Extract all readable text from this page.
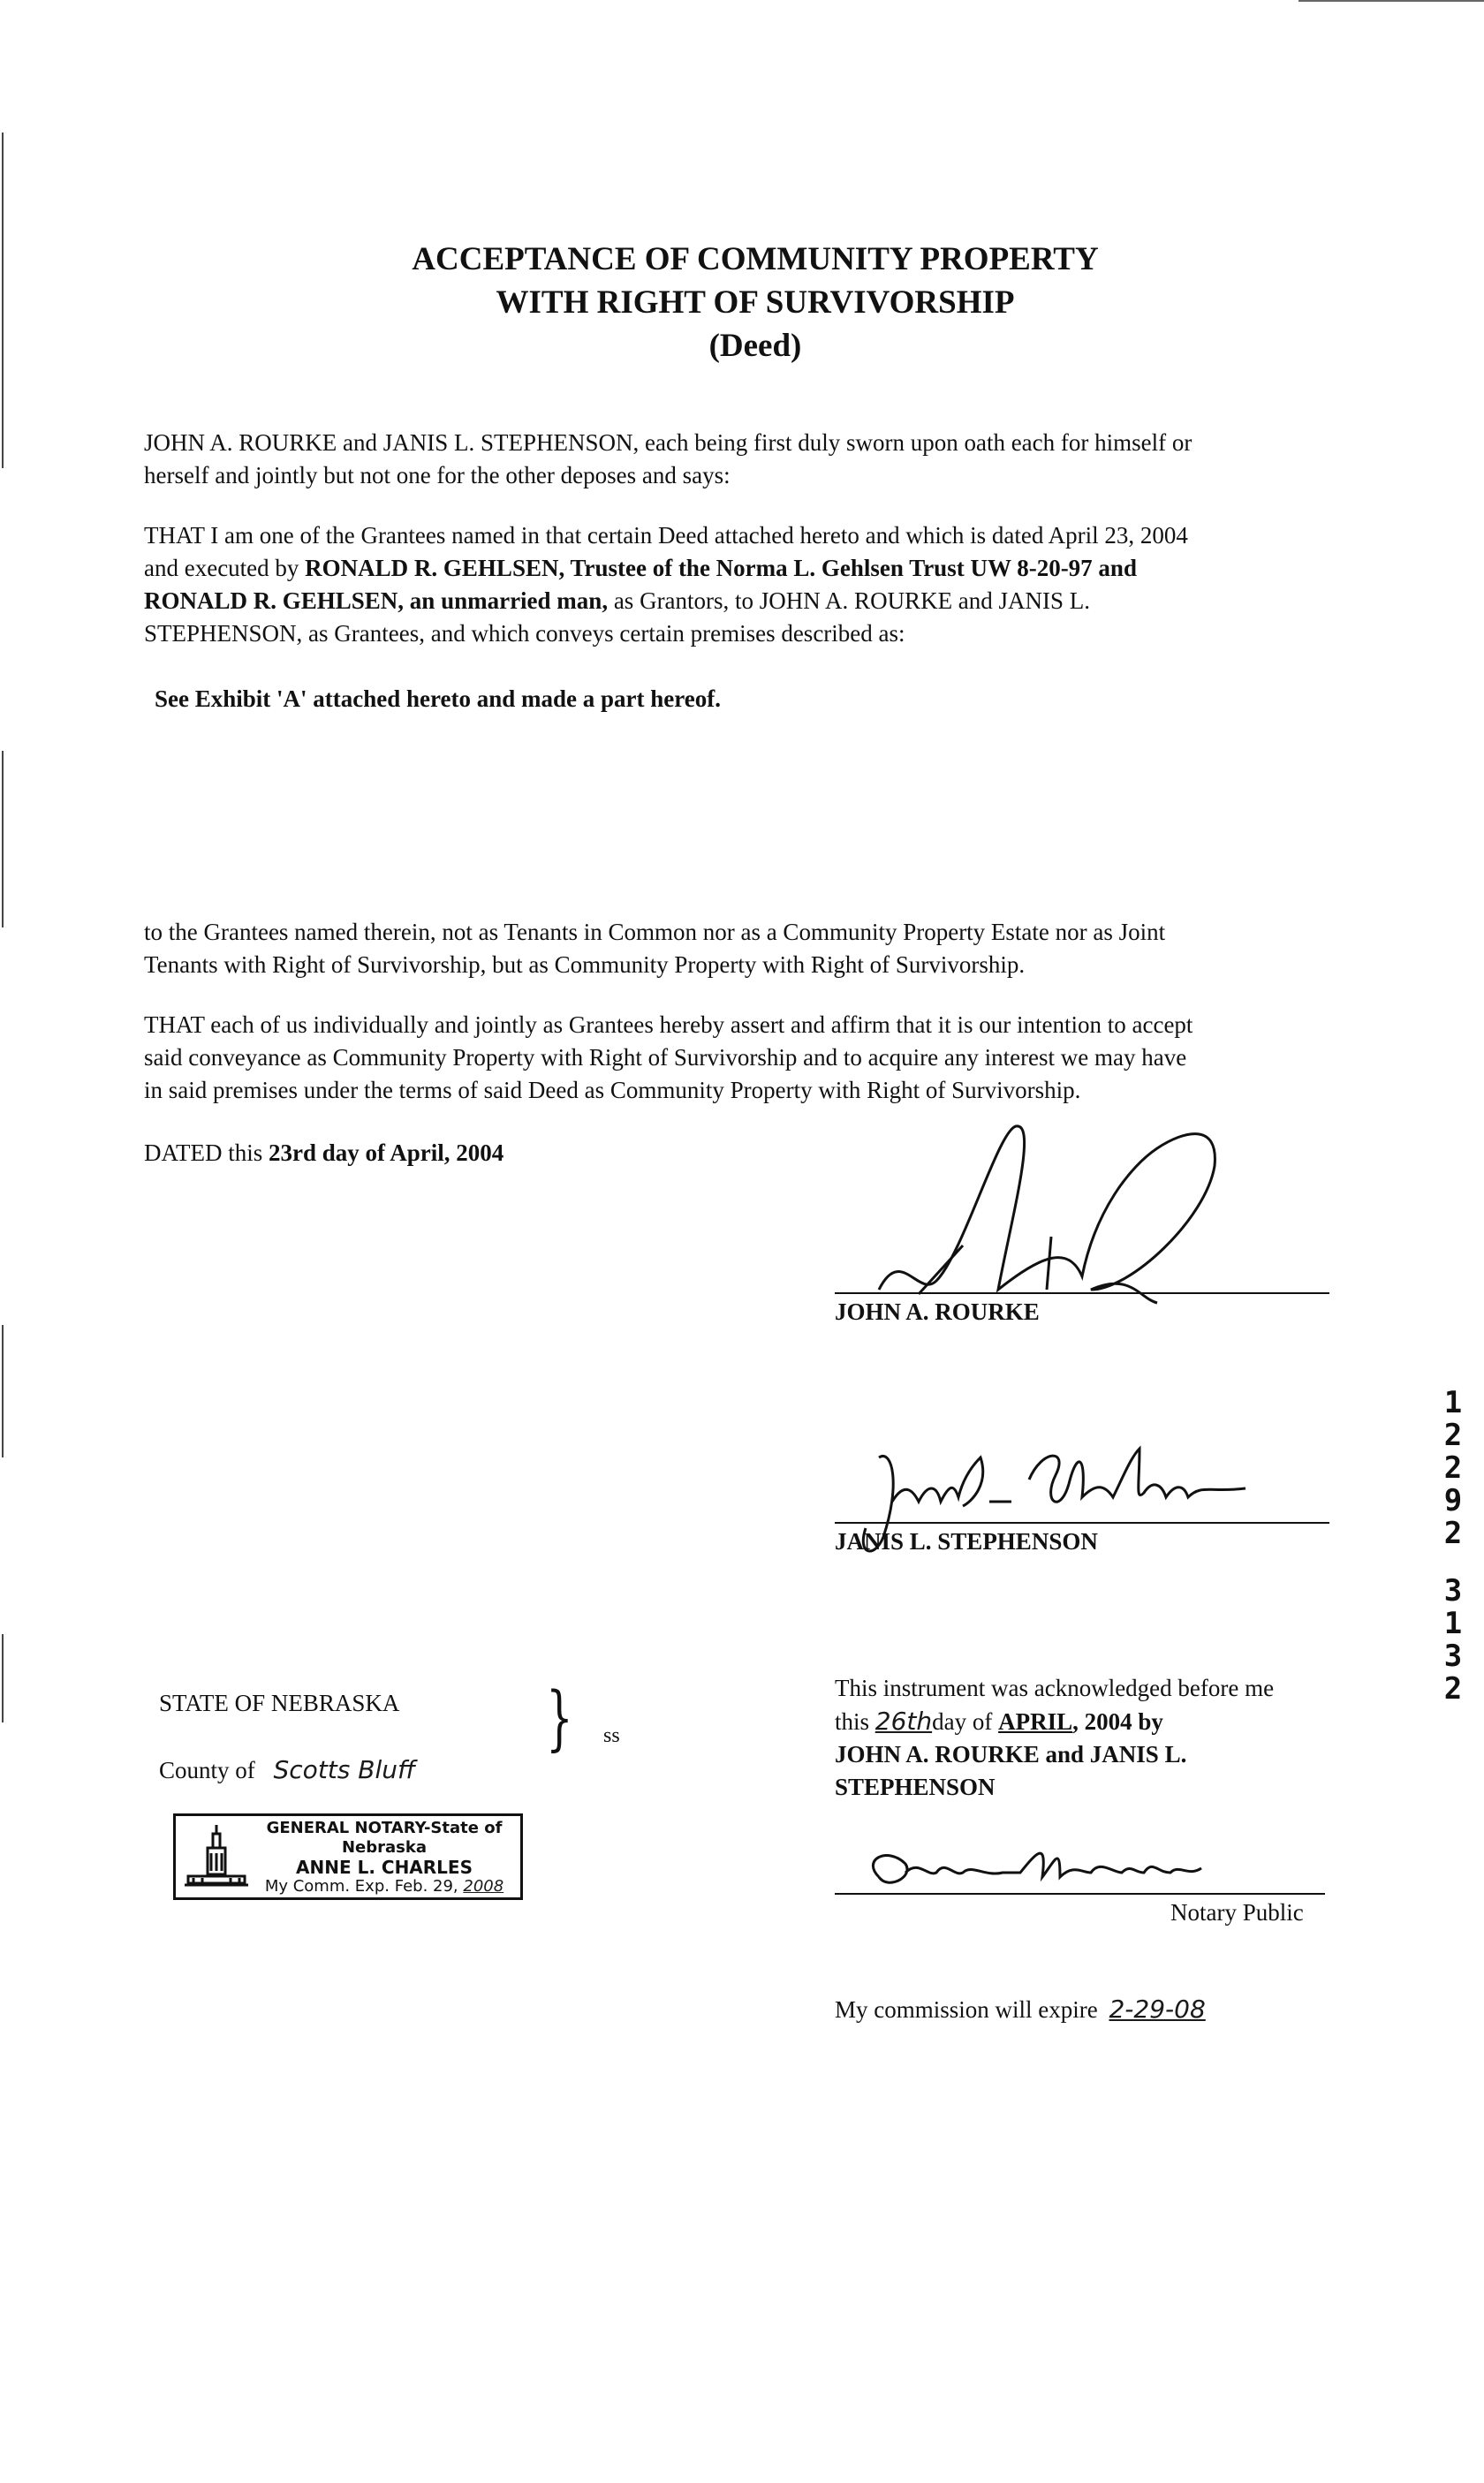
ACCEPTANCE OF COMMUNITY PROPERTY
WITH RIGHT OF SURVIVORSHIP
(Deed)
JOHN A. ROURKE and JANIS L. STEPHENSON, each being first duly sworn upon oath each for himself or
herself and jointly but not one for the other deposes and says:
THAT I am one of the Grantees named in that certain Deed attached hereto and which is dated April 23, 2004
and executed by RONALD R. GEHLSEN, Trustee of the Norma L. Gehlsen Trust UW 8-20-97 and
RONALD R. GEHLSEN, an unmarried man, as Grantors, to JOHN A. ROURKE and JANIS L.
STEPHENSON, as Grantees, and which conveys certain premises described as:
See Exhibit 'A' attached hereto and made a part hereof.
to the Grantees named therein, not as Tenants in Common nor as a Community Property Estate nor as Joint
Tenants with Right of Survivorship, but as Community Property with Right of Survivorship.
THAT each of us individually and jointly as Grantees hereby assert and affirm that it is our intention to accept
said conveyance as Community Property with Right of Survivorship and to acquire any interest we may have
in said premises under the terms of said Deed as Community Property with Right of Survivorship.
DATED this 23rd day of April, 2004
JOHN A. ROURKE
JANIS L. STEPHENSON
STATE OF NEBRASKA } ss
County of Scotts Bluff
GENERAL NOTARY-State of Nebraska
ANNE L. CHARLES
My Comm. Exp. Feb. 29, 2008
This instrument was acknowledged before me
this 26thday of APRIL, 2004 by
JOHN A. ROURKE and JANIS L.
STEPHENSON
Notary Public
My commission will expire 2-29-08
1
2
2
9
2
3
1
3
2
